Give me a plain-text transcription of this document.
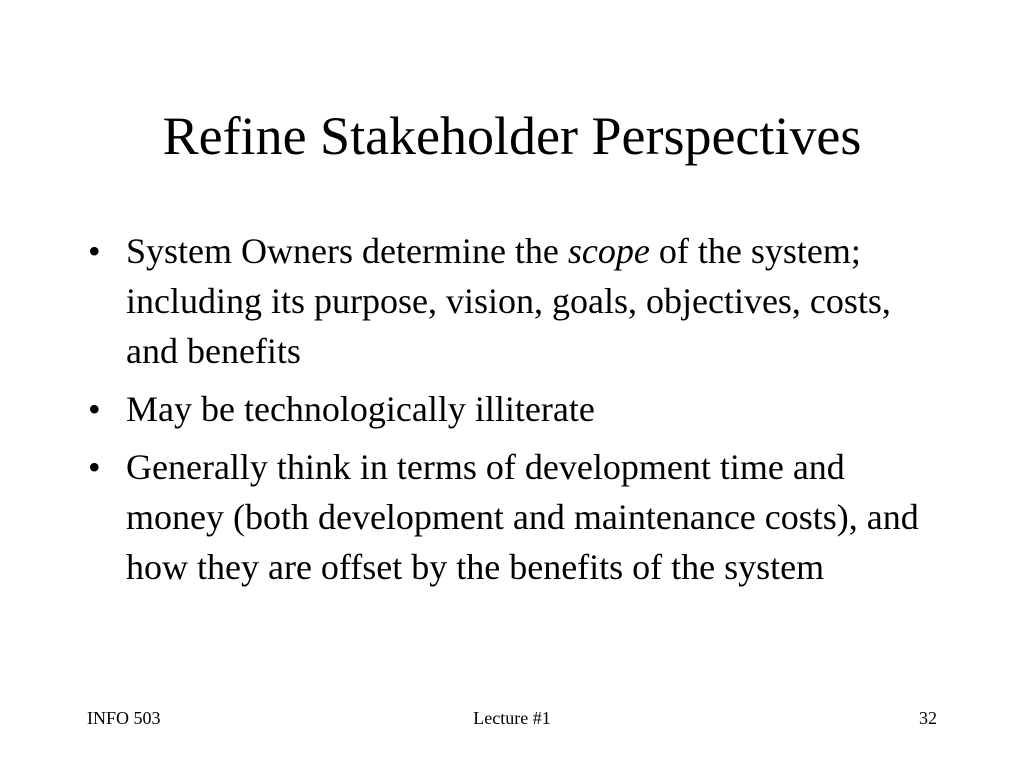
Refine Stakeholder Perspectives
• System Owners determine the scope of the system; including its purpose, vision, goals, objectives, costs, and benefits
• May be technologically illiterate
• Generally think in terms of development time and money (both development and maintenance costs), and how they are offset by the benefits of the system
INFO 503	Lecture #1	32
